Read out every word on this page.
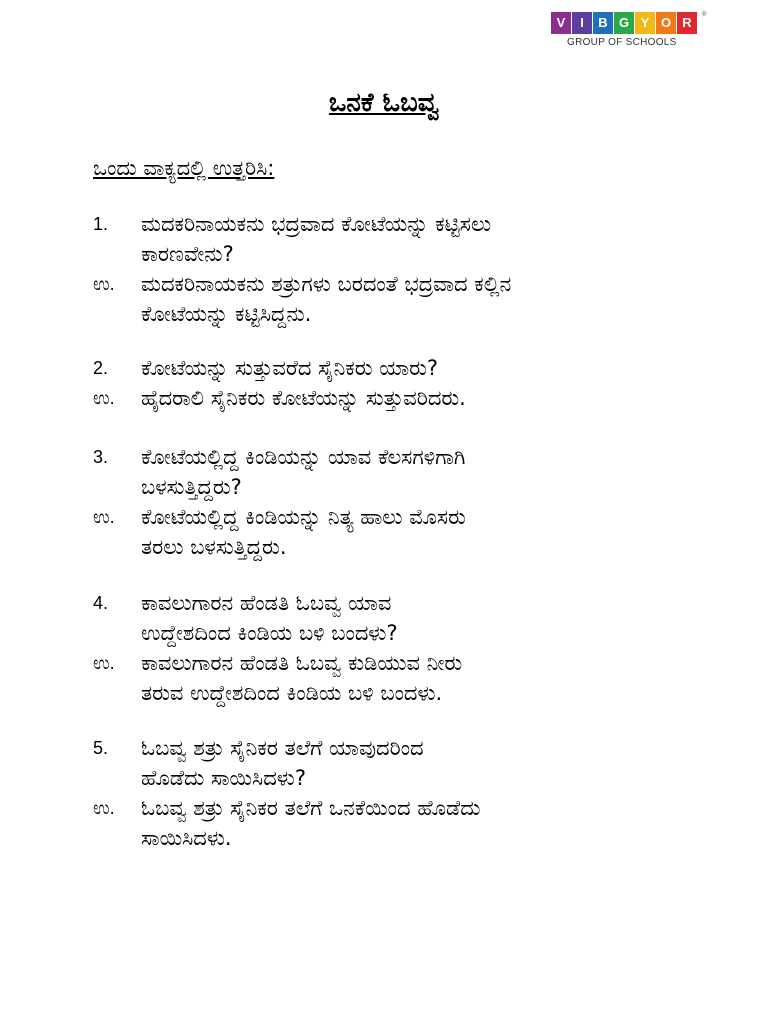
V	I	B G Y O R	®
GROUP OF SCHOOLS
ಒನಕೆ ಓಬವ್ವ
ಒಂದು ವಾಕ್ಯದಲ್ಲಿ ಉತ್ತರಿಸಿ:
1.	ಮದಕರಿನಾಯಕನು ಭದ್ರವಾದ ಕೋಟೆಯನ್ನು ಕಟ್ಟಿಸಲು
ಕಾರಣವೇನು?
ಉ.	ಮದಕರಿನಾಯಕನು ಶತ್ರುಗಳು ಬರದಂತೆ ಭದ್ರವಾದ ಕಲ್ಲಿನ
ಕೋಟೆಯನ್ನು ಕಟ್ಟಿಸಿದ್ದನು.
2.	ಕೋಟೆಯನ್ನು ಸುತ್ತುವರೆದ ಸೈನಿಕರು ಯಾರು?
ಉ.	ಹೈದರಾಲಿ ಸೈನಿಕರು ಕೋಟೆಯನ್ನು ಸುತ್ತುವರಿದರು.
3.	ಕೋಟೆಯಲ್ಲಿದ್ದ ಕಿಂಡಿಯನ್ನು ಯಾವ ಕೆಲಸಗಳಿಗಾಗಿ
ಬಳಸುತ್ತಿದ್ದರು?
ಉ.	ಕೋಟೆಯಲ್ಲಿದ್ದ ಕಿಂಡಿಯನ್ನು ನಿತ್ಯ ಹಾಲು ಮೊಸರು
ತರಲು ಬಳಸುತ್ತಿದ್ದರು.
4.	ಕಾವಲುಗಾರನ ಹೆಂಡತಿ ಓಬವ್ವ ಯಾವ
ಉದ್ದೇಶದಿಂದ ಕಿಂಡಿಯ ಬಳಿ ಬಂದಳು?
ಉ.	ಕಾವಲುಗಾರನ ಹೆಂಡತಿ ಓಬವ್ವ ಕುಡಿಯುವ ನೀರು
ತರುವ ಉದ್ದೇಶದಿಂದ ಕಿಂಡಿಯ ಬಳಿ ಬಂದಳು.
5.	ಓಬವ್ವ ಶತ್ರು ಸೈನಿಕರ ತಲೆಗೆ ಯಾವುದರಿಂದ
ಹೊಡೆದು ಸಾಯಿಸಿದಳು?
ಉ.	ಓಬವ್ವ ಶತ್ರು ಸೈನಿಕರ ತಲೆಗೆ ಒನಕೆಯಿಂದ ಹೊಡೆದು
ಸಾಯಿಸಿದಳು.
